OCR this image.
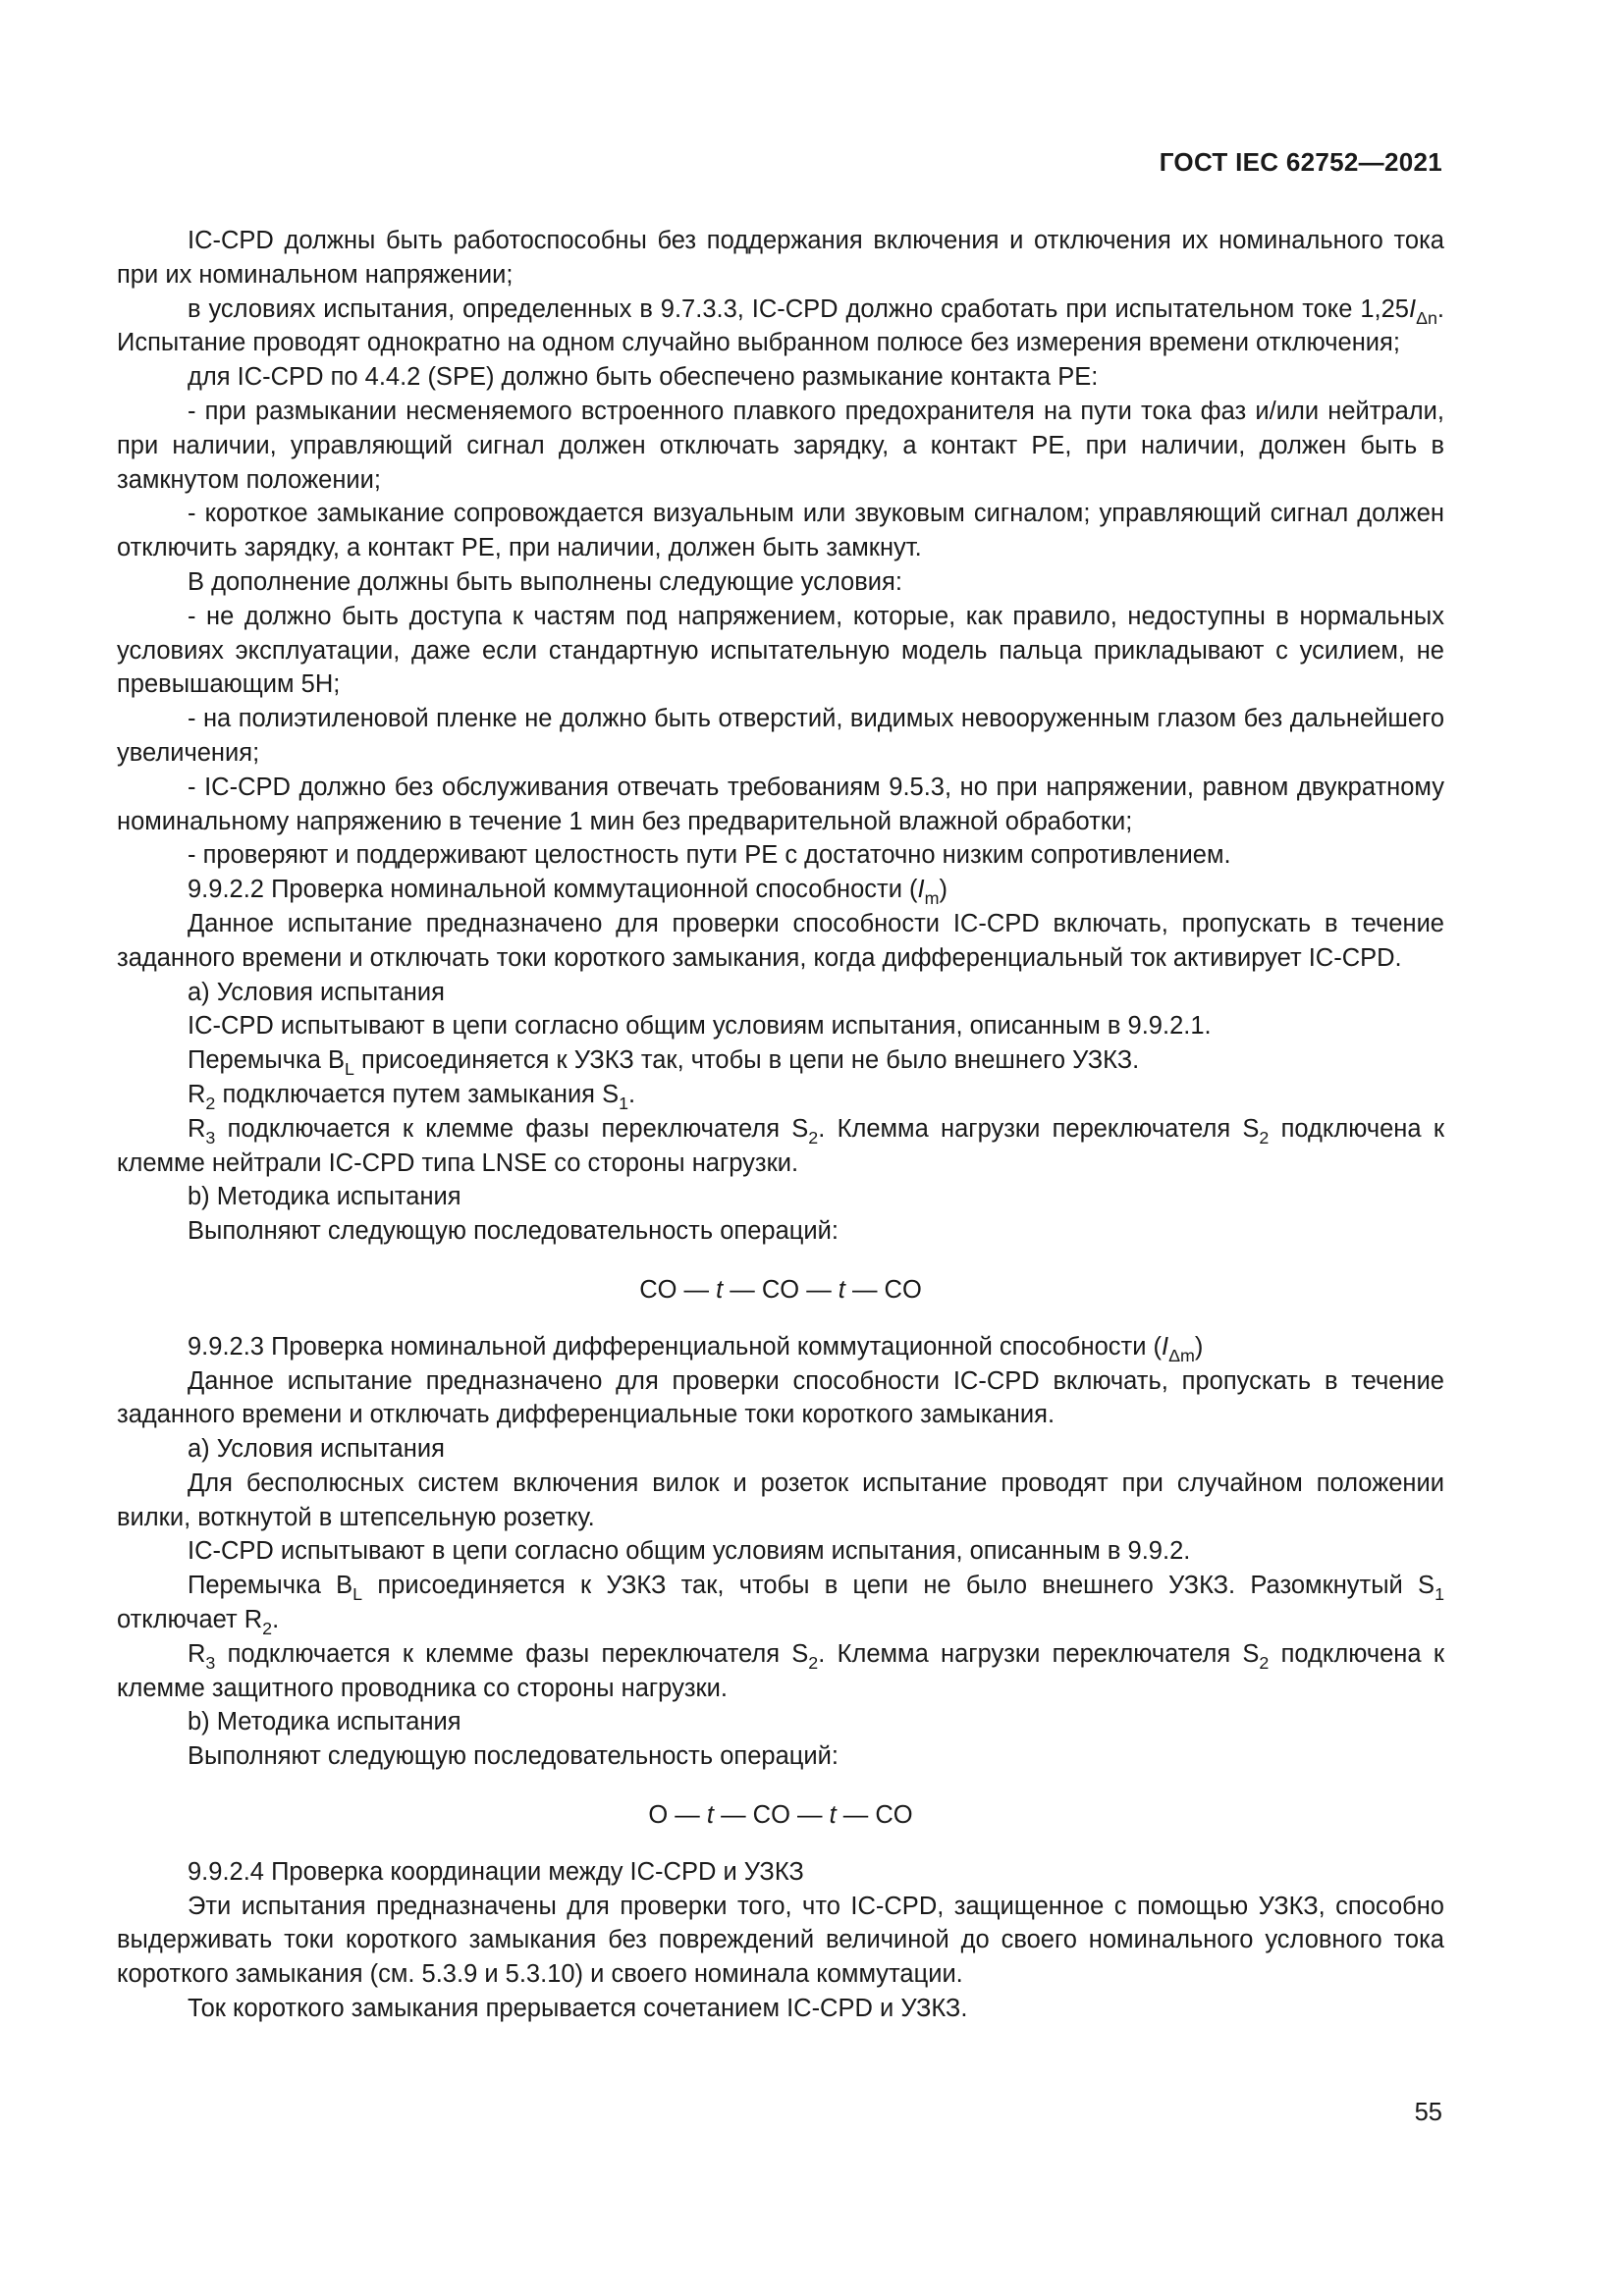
ГОСТ IEC 62752—2021

IC-CPD должны быть работоспособны без поддержания включения и отключения их номинального тока при их номинальном напряжении;

в условиях испытания, определенных в 9.7.3.3, IC-CPD должно сработать при испытательном токе $1,25I_{\Delta n}$. Испытание проводят однократно на одном случайно выбранном полюсе без измерения времени отключения;

для IC-CPD по 4.4.2 (SPE) должно быть обеспечено размыкание контакта PE:

- при размыкании несменяемого встроенного плавкого предохранителя на пути тока фаз и/или нейтрали, при наличии, управляющий сигнал должен отключать зарядку, а контакт PE, при наличии, должен быть в замкнутом положении;

- короткое замыкание сопровождается визуальным или звуковым сигналом; управляющий сигнал должен отключить зарядку, а контакт PE, при наличии, должен быть замкнут.

В дополнение должны быть выполнены следующие условия:

- не должно быть доступа к частям под напряжением, которые, как правило, недоступны в нормальных условиях эксплуатации, даже если стандартную испытательную модель пальца прикладывают с усилием, не превышающим 5Н;

- на полиэтиленовой пленке не должно быть отверстий, видимых невооруженным глазом без дальнейшего увеличения;

- IC-CPD должно без обслуживания отвечать требованиям 9.5.3, но при напряжении, равном двукратному номинальному напряжению в течение 1 мин без предварительной влажной обработки;

- проверяют и поддерживают целостность пути PE с достаточно низким сопротивлением.

9.9.2.2 Проверка номинальной коммутационной способности $(I_m)$

Данное испытание предназначено для проверки способности IC-CPD включать, пропускать в течение заданного времени и отключать токи короткого замыкания, когда дифференциальный ток активирует IC-CPD.

a) Условия испытания

IC-CPD испытывают в цепи согласно общим условиям испытания, описанным в 9.9.2.1.

Перемычка $B_L$ присоединяется к УЗКЗ так, чтобы в цепи не было внешнего УЗКЗ.

$R_2$ подключается путем замыкания $S_1$.

$R_3$ подключается к клемме фазы переключателя $S_2$. Клемма нагрузки переключателя $S_2$ подключена к клемме нейтрали IC-CPD типа LNSE со стороны нагрузки.

b) Методика испытания

Выполняют следующую последовательность операций:

CO — t — CO — t — CO

9.9.2.3 Проверка номинальной дифференциальной коммутационной способности $(I_{\Delta m})$

Данное испытание предназначено для проверки способности IC-CPD включать, пропускать в течение заданного времени и отключать дифференциальные токи короткого замыкания.

a) Условия испытания

Для бесполюсных систем включения вилок и розеток испытание проводят при случайном положении вилки, воткнутой в штепсельную розетку.

IC-CPD испытывают в цепи согласно общим условиям испытания, описанным в 9.9.2.

Перемычка $B_L$ присоединяется к УЗКЗ так, чтобы в цепи не было внешнего УЗКЗ. Разомкнутый $S_1$ отключает $R_2$.

$R_3$ подключается к клемме фазы переключателя $S_2$. Клемма нагрузки переключателя $S_2$ подключена к клемме защитного проводника со стороны нагрузки.

b) Методика испытания

Выполняют следующую последовательность операций:

O — t — CO — t — CO

9.9.2.4 Проверка координации между IC-CPD и УЗКЗ

Эти испытания предназначены для проверки того, что IC-CPD, защищенное с помощью УЗКЗ, способно выдерживать токи короткого замыкания без повреждений величиной до своего номинального условного тока короткого замыкания (см. 5.3.9 и 5.3.10) и своего номинала коммутации.

Ток короткого замыкания прерывается сочетанием IC-CPD и УЗКЗ.

55
